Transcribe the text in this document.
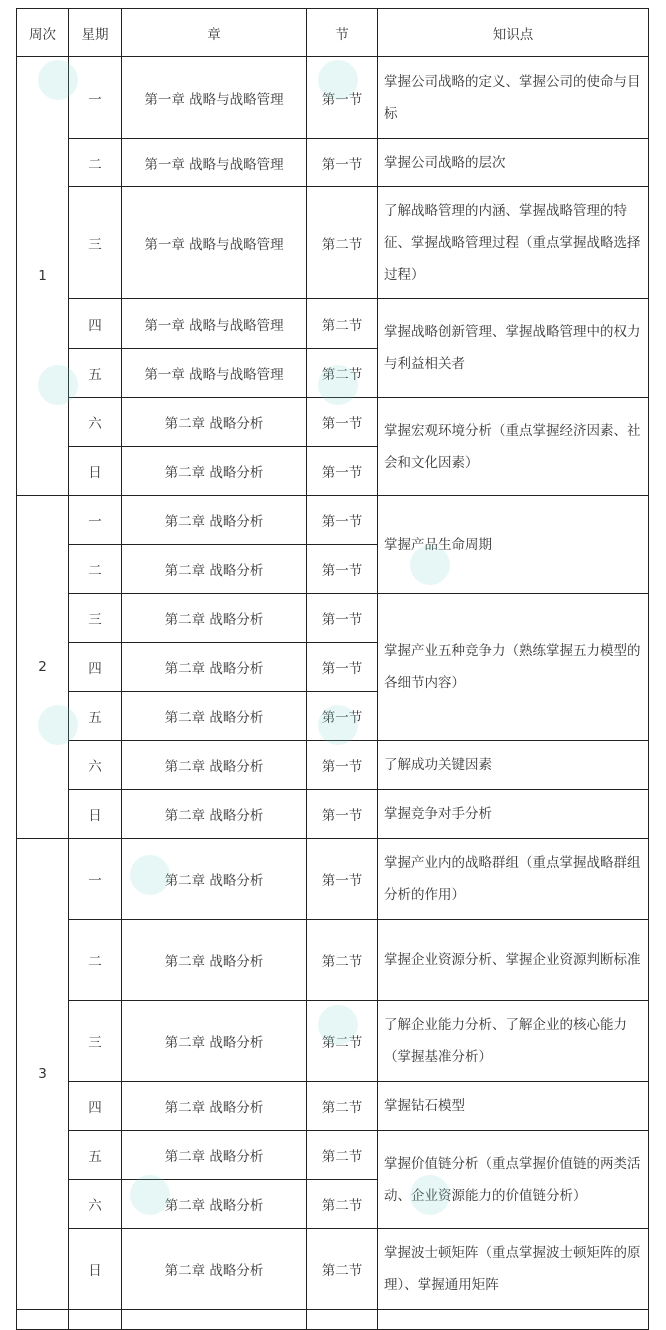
周次	星期	章	节	知识点
1	一	第一章 战略与战略管理	第一节	掌握公司战略的定义、掌握公司的使命与目标
	二	第一章 战略与战略管理	第一节	掌握公司战略的层次
	三	第一章 战略与战略管理	第二节	了解战略管理的内涵、掌握战略管理的特征、掌握战略管理过程（重点掌握战略选择过程）
	四	第一章 战略与战略管理	第二节	掌握战略创新管理、掌握战略管理中的权力与利益相关者
	五	第一章 战略与战略管理	第二节	
	六	第二章 战略分析	第一节	掌握宏观环境分析（重点掌握经济因素、社会和文化因素）
	日	第二章 战略分析	第一节	
2	一	第二章 战略分析	第一节	掌握产品生命周期
	二	第二章 战略分析	第一节	
	三	第二章 战略分析	第一节	掌握产业五种竞争力（熟练掌握五力模型的各细节内容）
	四	第二章 战略分析	第一节	
	五	第二章 战略分析	第一节	
	六	第二章 战略分析	第一节	了解成功关键因素
	日	第二章 战略分析	第一节	掌握竞争对手分析
3	一	第二章 战略分析	第一节	掌握产业内的战略群组（重点掌握战略群组分析的作用）
	二	第二章 战略分析	第二节	掌握企业资源分析、掌握企业资源判断标准
	三	第二章 战略分析	第二节	了解企业能力分析、了解企业的核心能力（掌握基准分析）
	四	第二章 战略分析	第二节	掌握钻石模型
	五	第二章 战略分析	第二节	掌握价值链分析（重点掌握价值链的两类活动、企业资源能力的价值链分析）
	六	第二章 战略分析	第二节	
	日	第二章 战略分析	第二节	掌握波士顿矩阵（重点掌握波士顿矩阵的原理）、掌握通用矩阵
